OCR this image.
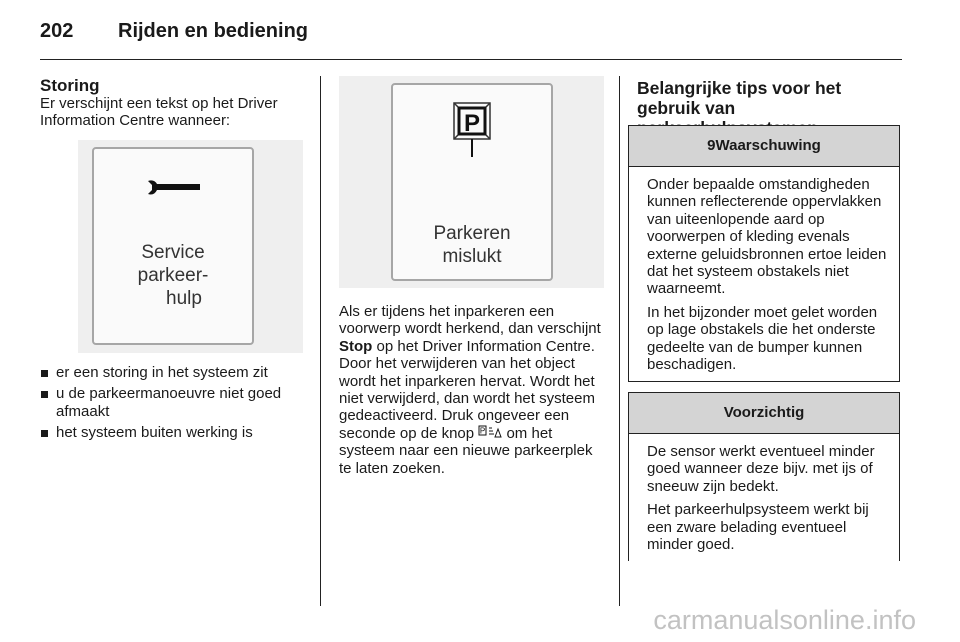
202 Rijden en bediening

Storing

Er verschijnt een tekst op het Driver Information Centre wanneer:

Service
parkeer-
hulp
er een storing in het systeem zit
u de parkeermanoeuvre niet goed afmaakt
het systeem buiten werking is
P
Parkeren
mislukt

Als er tijdens het inparkeren een voorwerp wordt herkend, dan verschijnt Stop op het Driver Information Centre. Door het verwijderen van het object wordt het inparkeren hervat. Wordt het niet verwijderd, dan wordt het systeem gedeactiveerd. Druk ongeveer een seconde op de knop P om het systeem naar een nieuwe parkeerplek te laten zoeken.

Belangrijke tips voor het gebruik van

9Waarschuwing

Onder bepaalde omstandigheden kunnen reflecterende oppervlakken van uiteenlopende aard op voorwerpen of kleding evenals externe geluidsbronnen ertoe leiden dat het systeem obstakels niet waarneemt.

In het bijzonder moet gelet worden op lage obstakels die het onderste gedeelte van de bumper kunnen beschadigen.

Voorzichtig

De sensor werkt eventueel minder goed wanneer deze bijv. met ijs of sneeuw zijn bedekt.

Het parkeerhulpsysteem werkt bij een zware belading eventueel minder goed.

carmanualsonline.info
